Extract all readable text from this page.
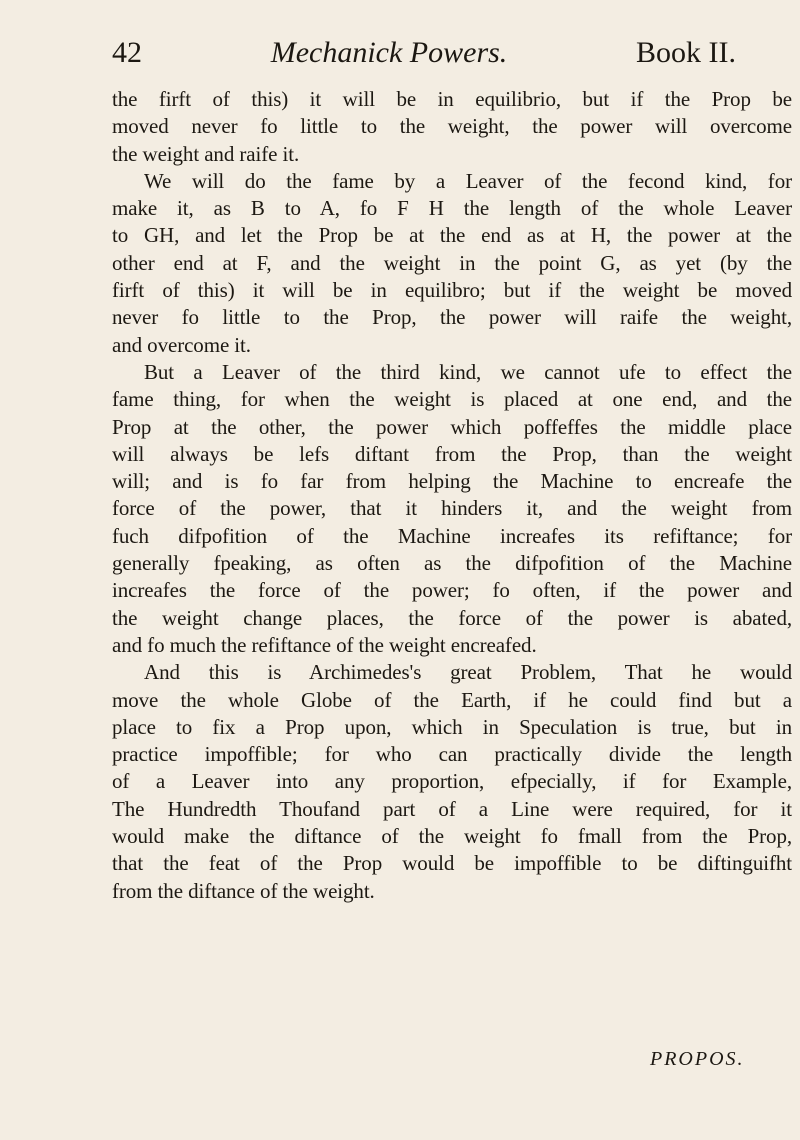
42	Mechanick Powers.	Book II.
the firft of this) it will be in equilibrio, but if the Prop be
moved never fo little to the weight, the power will overcome
the weight and raife it.
We will do the fame by a Leaver of the fecond kind, for
make it, as B to A, fo F H the length of the whole Leaver
to GH, and let the Prop be at the end as at H, the power at the
other end at F, and the weight in the point G, as yet (by the
firft of this) it will be in equilibro; but if the weight be moved
never fo little to the Prop, the power will raife the weight,
and overcome it.
But a Leaver of the third kind, we cannot ufe to effect the
fame thing, for when the weight is placed at one end, and the
Prop at the other, the power which poffeffes the middle place
will always be lefs diftant from the Prop, than the weight
will; and is fo far from helping the Machine to encreafe the
force of the power, that it hinders it, and the weight from
fuch difpofition of the Machine increafes its refiftance; for
generally fpeaking, as often as the difpofition of the Machine
increafes the force of the power; fo often, if the power and
the weight change places, the force of the power is abated,
and fo much the refiftance of the weight encreafed.
And this is Archimedes's great Problem, That he would
move the whole Globe of the Earth, if he could find but a
place to fix a Prop upon, which in Speculation is true, but in
practice impoffible; for who can practically divide the length
of a Leaver into any proportion, efpecially, if for Example,
The Hundredth Thoufand part of a Line were required, for it
would make the diftance of the weight fo fmall from the Prop,
that the feat of the Prop would be impoffible to be diftinguifht
from the diftance of the weight.
PROPOS.
